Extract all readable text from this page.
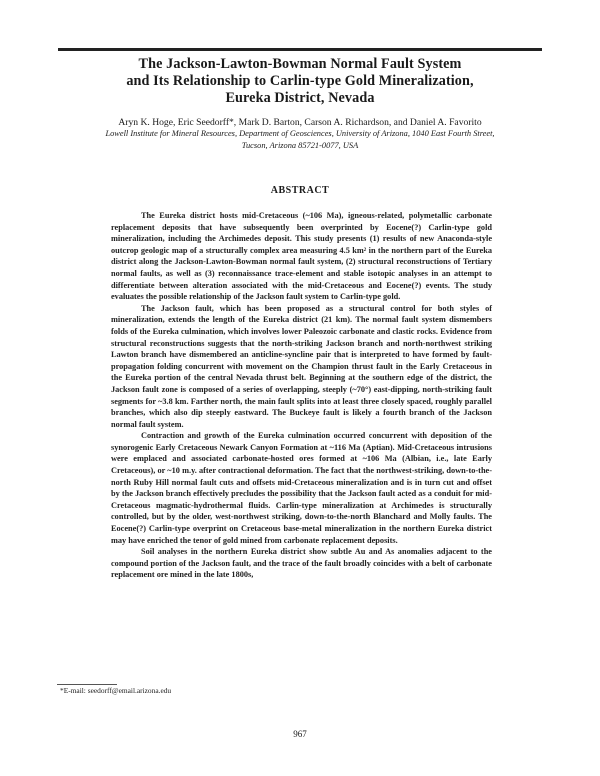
The Jackson-Lawton-Bowman Normal Fault System
and Its Relationship to Carlin-type Gold Mineralization,
Eureka District, Nevada
Aryn K. Hoge, Eric Seedorff*, Mark D. Barton, Carson A. Richardson, and Daniel A. Favorito
Lowell Institute for Mineral Resources, Department of Geosciences, University of Arizona, 1040 East Fourth Street,
Tucson, Arizona 85721-0077, USA
ABSTRACT

The Eureka district hosts mid-Cretaceous (~106 Ma), igneous-related, polymetallic carbonate replacement deposits that have subsequently been overprinted by Eocene(?) Carlin-type gold mineralization, including the Archimedes deposit. This study presents (1) results of new Anaconda-style outcrop geologic map of a structurally complex area measuring 4.5 km² in the northern part of the Eureka district along the Jackson-Lawton-Bowman normal fault system, (2) structural reconstructions of Tertiary normal faults, as well as (3) reconnaissance trace-element and stable isotopic analyses in an attempt to differentiate between alteration associated with the mid-Cretaceous and Eocene(?) events. The study evaluates the possible relationship of the Jackson fault system to Carlin-type gold.

The Jackson fault, which has been proposed as a structural control for both styles of mineralization, extends the length of the Eureka district (21 km). The normal fault system dismembers folds of the Eureka culmination, which involves lower Paleozoic carbonate and clastic rocks. Evidence from structural reconstructions suggests that the north-striking Jackson branch and north-northwest striking Lawton branch have dismembered an anticline-syncline pair that is interpreted to have formed by fault-propagation folding concurrent with movement on the Champion thrust fault in the Early Cretaceous in the Eureka portion of the central Nevada thrust belt. Beginning at the southern edge of the district, the Jackson fault zone is composed of a series of overlapping, steeply (~70°) east-dipping, north-striking fault segments for ~3.8 km. Farther north, the main fault splits into at least three closely spaced, roughly parallel branches, which also dip steeply eastward. The Buckeye fault is likely a fourth branch of the Jackson normal fault system.

Contraction and growth of the Eureka culmination occurred concurrent with deposition of the synorogenic Early Cretaceous Newark Canyon Formation at ~116 Ma (Aptian). Mid-Cretaceous intrusions were emplaced and associated carbonate-hosted ores formed at ~106 Ma (Albian, i.e., late Early Cretaceous), or ~10 m.y. after contractional deformation. The fact that the northwest-striking, down-to-the-north Ruby Hill normal fault cuts and offsets mid-Cretaceous mineralization and is in turn cut and offset by the Jackson branch effectively precludes the possibility that the Jackson fault acted as a conduit for mid-Cretaceous magmatic-hydrothermal fluids. Carlin-type mineralization at Archimedes is structurally controlled, but by the older, west-northwest striking, down-to-the-north Blanchard and Molly faults. The Eocene(?) Carlin-type overprint on Cretaceous base-metal mineralization in the northern Eureka district may have enriched the tenor of gold mined from carbonate replacement deposits.

Soil analyses in the northern Eureka district show subtle Au and As anomalies adjacent to the compound portion of the Jackson fault, and the trace of the fault broadly coincides with a belt of carbonate replacement ore mined in the late 1800s,

*E-mail: seedorff@email.arizona.edu
967
